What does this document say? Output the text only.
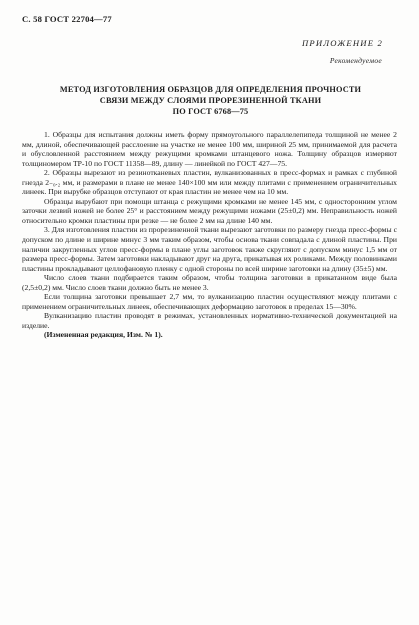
С. 58 ГОСТ 22704—77
ПРИЛОЖЕНИЕ 2
Рекомендуемое
МЕТОД ИЗГОТОВЛЕНИЯ ОБРАЗЦОВ ДЛЯ ОПРЕДЕЛЕНИЯ ПРОЧНОСТИ
СВЯЗИ МЕЖДУ СЛОЯМИ ПРОРЕЗИНЕННОЙ ТКАНИ
ПО ГОСТ 6768—75

1. Образцы для испытания должны иметь форму прямоугольного параллелепипеда толщиной не менее 2 мм, длиной, обеспечивающей расслоение на участке не менее 100 мм, шириной 25 мм, принимаемой для расчета и обусловленной расстоянием между режущими кромками штанцевого ножа. Толщину образцов измеряют толщиномером ТР-10 по ГОСТ 11358—89, длину — линейкой по ГОСТ 427—75.

2. Образцы вырезают из резинотканевых пластин, вулканизованных в пресс-формах и рамках с глубиной гнезда 2₋₀.₂ мм, и размерами в плане не менее 140×100 мм или между плитами с применением ограничительных линеек. При вырубке образцов отступают от края пластин не менее чем на 10 мм.

Образцы вырубают при помощи штанца с режущими кромками не менее 145 мм, с односторонним углом заточки лезвий ножей не более 25° и расстоянием между режущими ножами (25±0,2) мм. Неправильность ножей относительно кромки пластины при резке — не более 2 мм на длине 140 мм.

3. Для изготовления пластин из прорезиненной ткани вырезают заготовки по размеру гнезда пресс-формы с допуском по длине и ширине минус 3 мм таким образом, чтобы основа ткани совпадала с длиной пластины. При наличии закругленных углов пресс-формы в плане углы заготовок также скругляют с допуском минус 1,5 мм от размера пресс-формы. Затем заготовки накладывают друг на друга, прикатывая их роликами. Между половинками пластины прокладывают целлофановую пленку с одной стороны по всей ширине заготовки на длину (35±5) мм.

Число слоев ткани подбирается таким образом, чтобы толщина заготовки в прикатанном виде была (2,5±0,2) мм. Число слоев ткани должно быть не менее 3.

Если толщина заготовки превышает 2,7 мм, то вулканизацию пластин осуществляют между плитами с применением ограничительных линеек, обеспечивающих деформацию заготовок в пределах 15—30%.

Вулканизацию пластин проводят в режимах, установленных нормативно-технической документацией на изделие.

(Измененная редакция, Изм. № 1).
